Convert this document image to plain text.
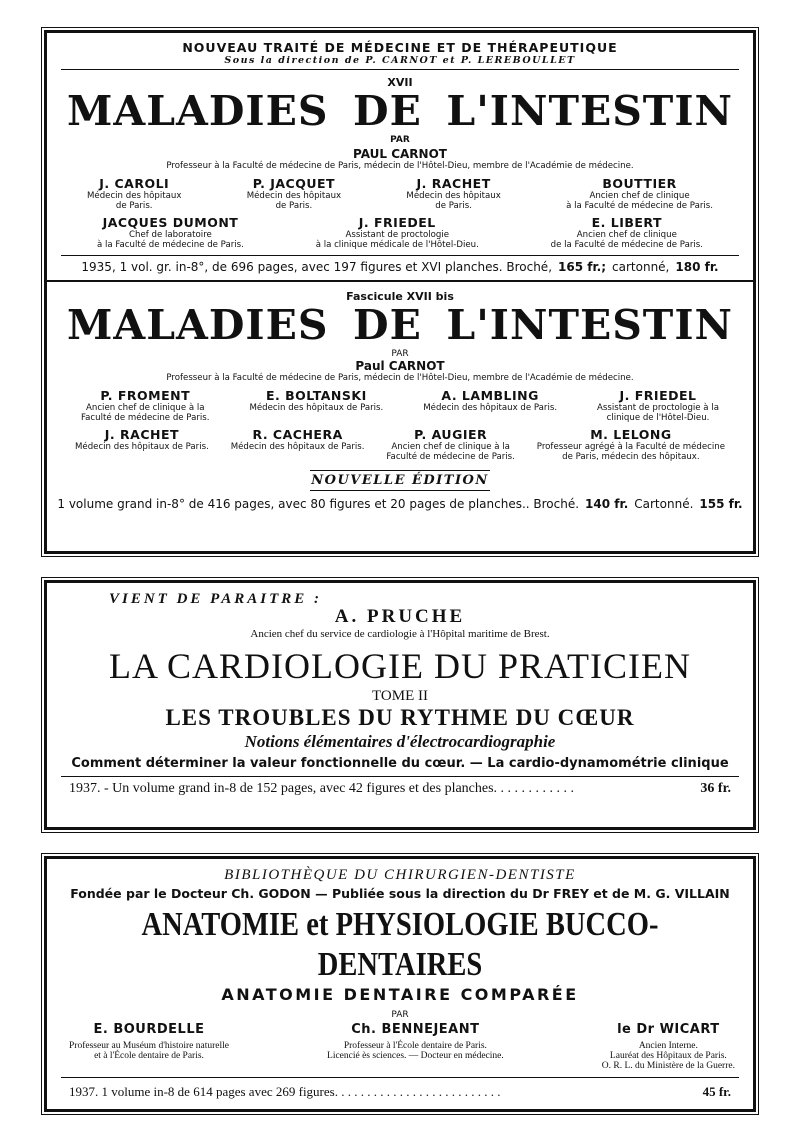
NOUVEAU TRAITÉ DE MÉDECINE ET DE THÉRAPEUTIQUE
Sous la direction de P. CARNOT et P. LEREBOULLET
XVII
MALADIES DE L'INTESTIN
PAR
PAUL CARNOT
Professeur à la Faculté de médecine de Paris, médecin de l'Hôtel-Dieu, membre de l'Académie de médecine.
J. CAROLI
Médecin des hôpitaux
de Paris.
P. JACQUET
Médecin des hôpitaux
de Paris.
J. RACHET
Médecin des hôpitaux
de Paris.
BOUTTIER
Ancien chef de clinique
à la Faculté de médecine de Paris.
JACQUES DUMONT
Chef de laboratoire
à la Faculté de médecine de Paris.
J. FRIEDEL
Assistant de proctologie
à la clinique médicale de l'Hôtel-Dieu.
E. LIBERT
Ancien chef de clinique
de la Faculté de médecine de Paris.
1935, 1 vol. gr. in-8°, de 696 pages, avec 197 figures et XVI planches. Broché, 165 fr.; cartonné, 180 fr.
Fascicule XVII bis
MALADIES DE L'INTESTIN
PAR
Paul CARNOT
Professeur à la Faculté de médecine de Paris, médecin de l'Hôtel-Dieu, membre de l'Académie de médecine.
P. FROMENT
Ancien chef de clinique à la
Faculté de médecine de Paris.
E. BOLTANSKI
Médecin des hôpitaux de Paris.
A. LAMBLING
Médecin des hôpitaux de Paris.
J. FRIEDEL
Assistant de proctologie à la
clinique de l'Hôtel-Dieu.
J. RACHET
Médecin des hôpitaux de Paris.
R. CACHERA
Médecin des hôpitaux de Paris.
P. AUGIER
Ancien chef de clinique à la
Faculté de médecine de Paris.
M. LELONG
Professeur agrégé à la Faculté de médecine
de Paris, médecin des hôpitaux.
NOUVELLE ÉDITION
1 volume grand in-8° de 416 pages, avec 80 figures et 20 pages de planches.. Broché. 140 fr. Cartonné. 155 fr.
VIENT DE PARAITRE :
A. PRUCHE
Ancien chef du service de cardiologie à l'Hôpital maritime de Brest.
LA CARDIOLOGIE DU PRATICIEN
TOME II
LES TROUBLES DU RYTHME DU CŒUR
Notions élémentaires d'électrocardiographie
Comment déterminer la valeur fonctionnelle du cœur. — La cardio-dynamométrie clinique
1937. - Un volume grand in-8 de 152 pages, avec 42 figures et des planches. . . . . . . . . . . .	36 fr.
BIBLIOTHÈQUE DU CHIRURGIEN-DENTISTE
Fondée par le Docteur Ch. GODON — Publiée sous la direction du Dr FREY et de M. G. VILLAIN
ANATOMIE et PHYSIOLOGIE BUCCO-DENTAIRES
ANATOMIE DENTAIRE COMPARÉE
PAR
E. BOURDELLE
Professeur au Muséum d'histoire naturelle
et à l'École dentaire de Paris.
Ch. BENNEJEANT
Professeur à l'École dentaire de Paris.
Licencié ès sciences. — Docteur en médecine.
le Dr WICART
Ancien Interne.
Lauréat des Hôpitaux de Paris.
O. R. L. du Ministère de la Guerre.
1937. 1 volume in-8 de 614 pages avec 269 figures. . . . . . . . . . . . . . . . . . . . . . . . . .	45 fr.
